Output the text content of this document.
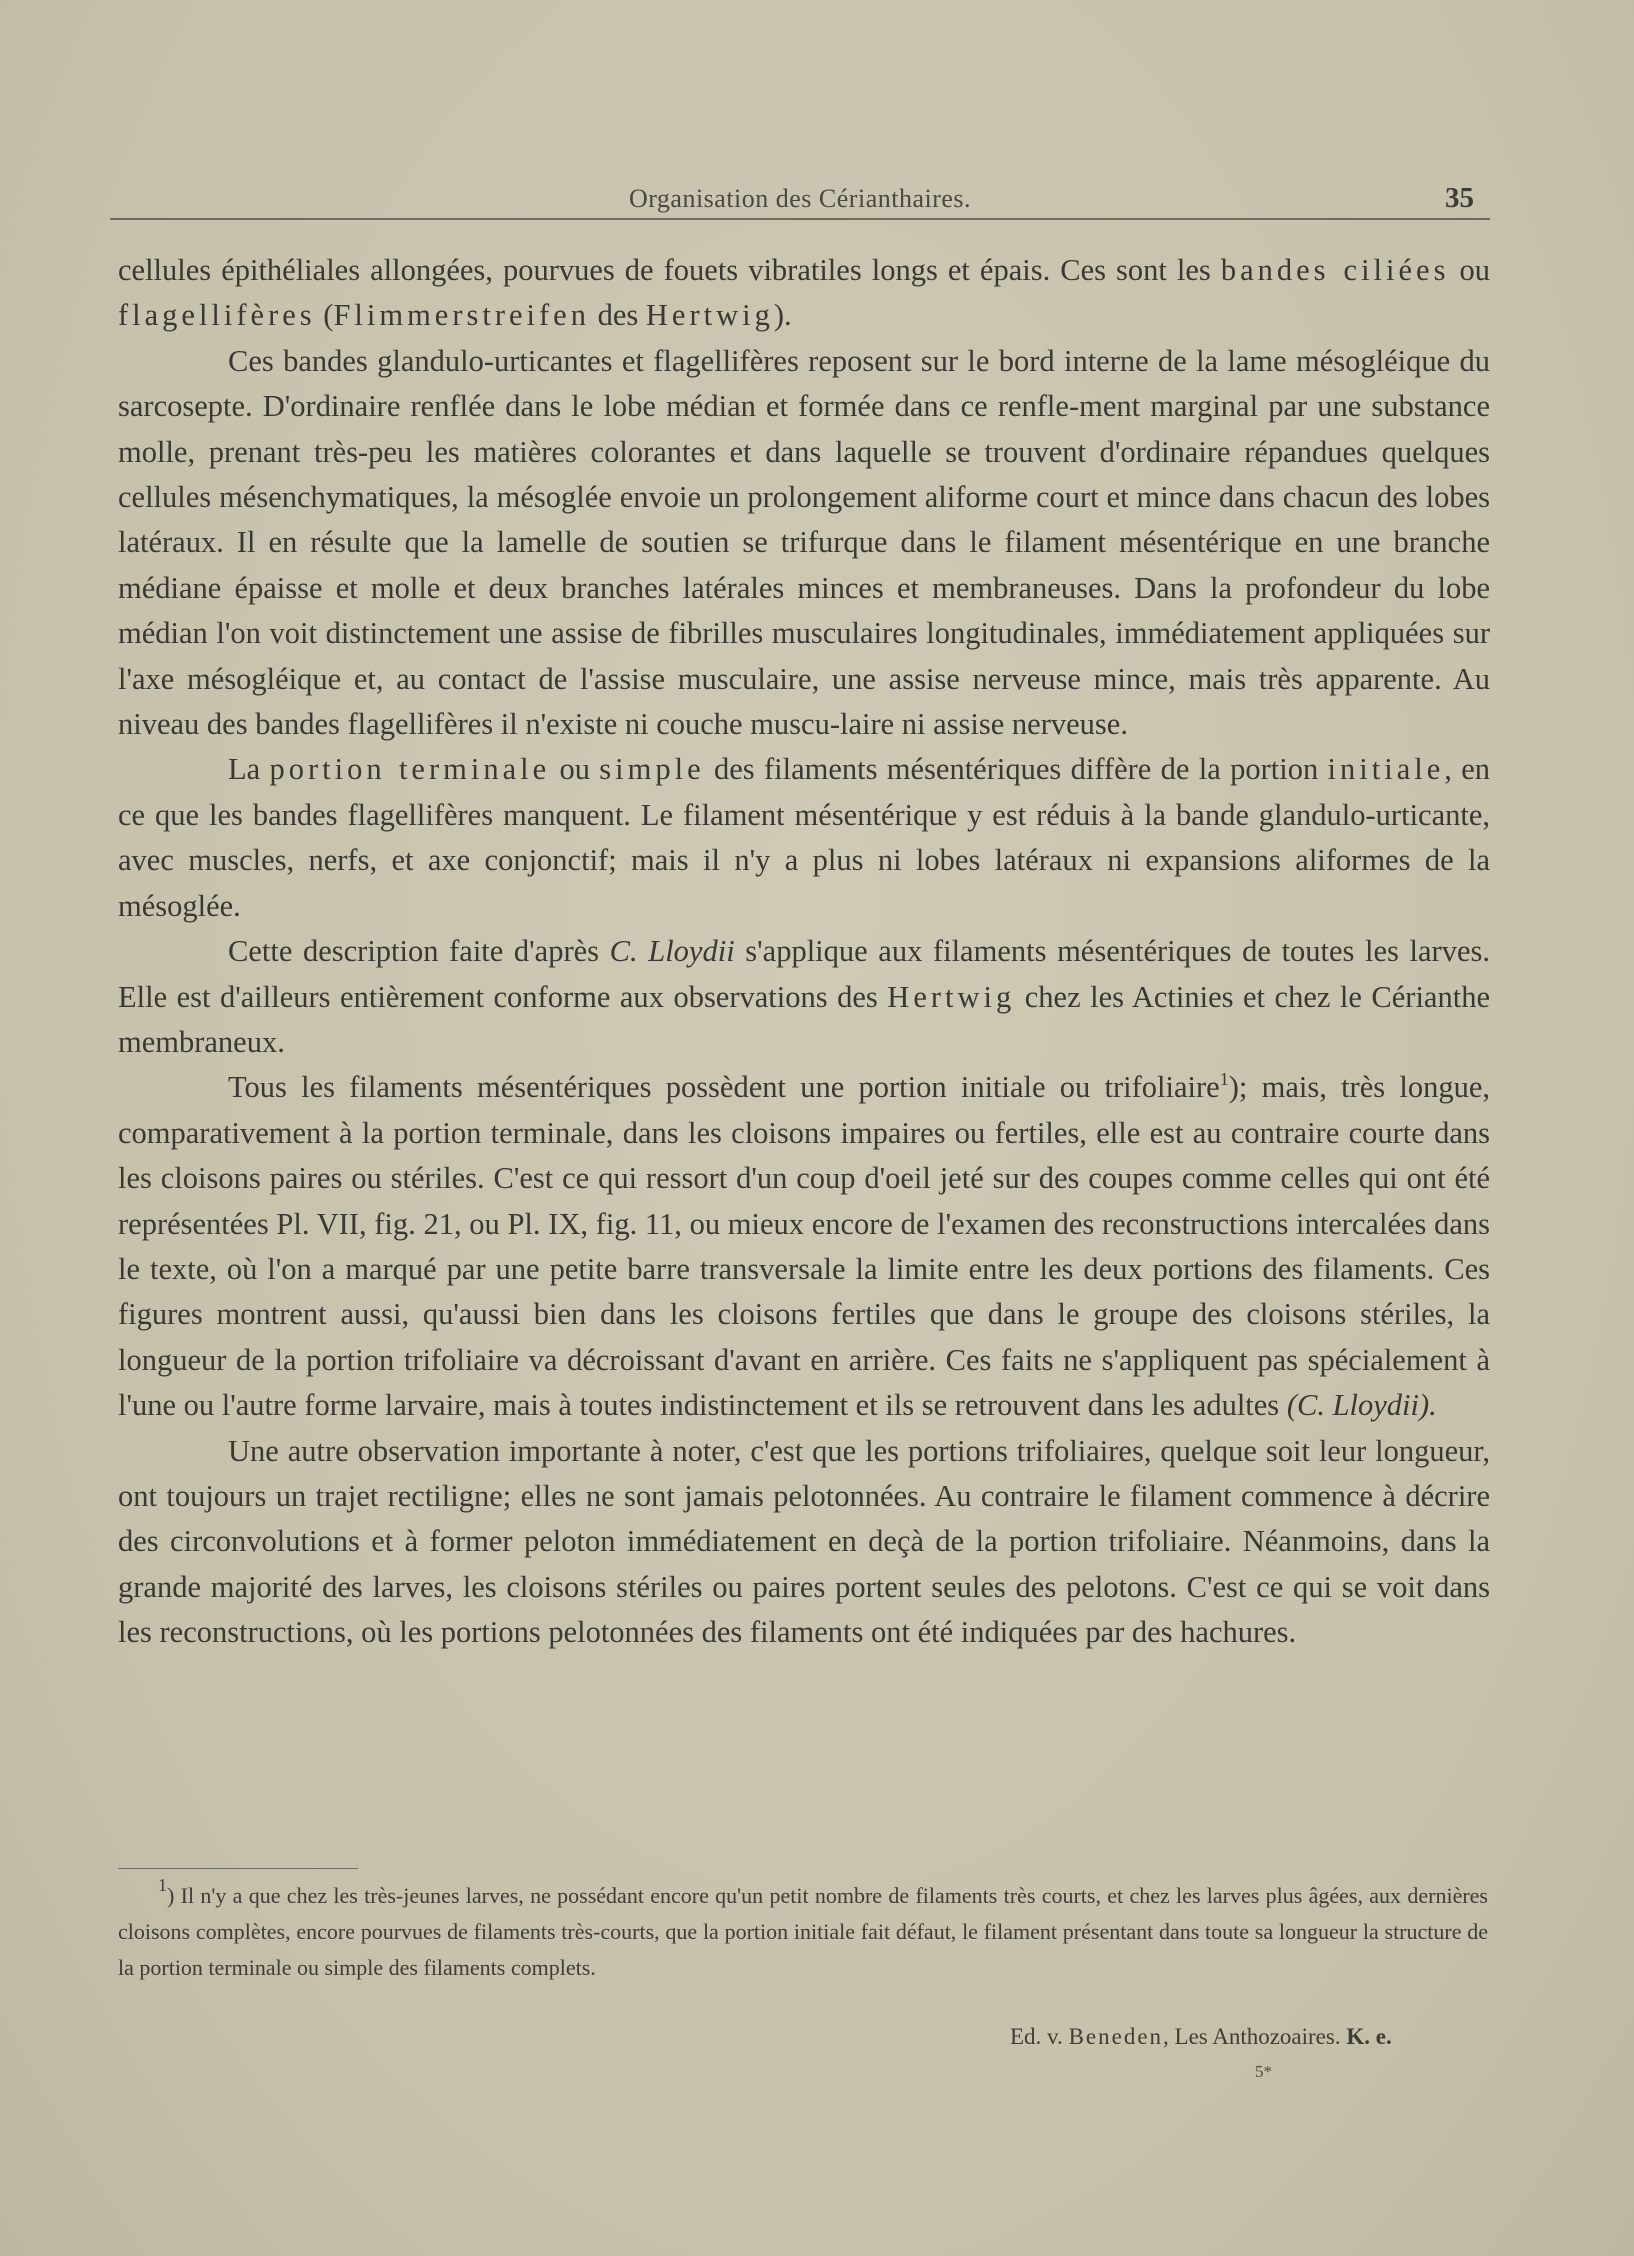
Organisation des Cérianthaires.	35

cellules épithéliales allongées, pourvues de fouets vibratiles longs et épais. Ces sont les bandes ciliées ou flagellifères (Flimmerstreifen des Hertwig).

Ces bandes glandulo-urticantes et flagellifères reposent sur le bord interne de la lame mésogléique du sarcosepte. D'ordinaire renflée dans le lobe médian et formée dans ce renfle-ment marginal par une substance molle, prenant très-peu les matières colorantes et dans laquelle se trouvent d'ordinaire répandues quelques cellules mésenchymatiques, la mésoglée envoie un prolongement aliforme court et mince dans chacun des lobes latéraux. Il en résulte que la lamelle de soutien se trifurque dans le filament mésentérique en une branche médiane épaisse et molle et deux branches latérales minces et membraneuses. Dans la profondeur du lobe médian l'on voit distinctement une assise de fibrilles musculaires longitudinales, immédiatement appliquées sur l'axe mésogléique et, au contact de l'assise musculaire, une assise nerveuse mince, mais très apparente. Au niveau des bandes flagellifères il n'existe ni couche muscu-laire ni assise nerveuse.

La portion terminale ou simple des filaments mésentériques diffère de la portion initiale, en ce que les bandes flagellifères manquent. Le filament mésentérique y est réduis à la bande glandulo-urticante, avec muscles, nerfs, et axe conjonctif; mais il n'y a plus ni lobes latéraux ni expansions aliformes de la mésoglée.

Cette description faite d'après C. Lloydii s'applique aux filaments mésentériques de toutes les larves. Elle est d'ailleurs entièrement conforme aux observations des Hertwig chez les Actinies et chez le Cérianthe membraneux.

Tous les filaments mésentériques possèdent une portion initiale ou trifoliaire$^1$); mais, très longue, comparativement à la portion terminale, dans les cloisons impaires ou fertiles, elle est au contraire courte dans les cloisons paires ou stériles. C'est ce qui ressort d'un coup d'oeil jeté sur des coupes comme celles qui ont été représentées Pl. VII, fig. 21, ou Pl. IX, fig. 11, ou mieux encore de l'examen des reconstructions intercalées dans le texte, où l'on a marqué par une petite barre transversale la limite entre les deux portions des filaments. Ces figures montrent aussi, qu'aussi bien dans les cloisons fertiles que dans le groupe des cloisons stériles, la longueur de la portion trifoliaire va décroissant d'avant en arrière. Ces faits ne s'appliquent pas spécialement à l'une ou l'autre forme larvaire, mais à toutes indistinctement et ils se retrouvent dans les adultes (C. Lloydii).

Une autre observation importante à noter, c'est que les portions trifoliaires, quelque soit leur longueur, ont toujours un trajet rectiligne; elles ne sont jamais pelotonnées. Au contraire le filament commence à décrire des circonvolutions et à former peloton immédiatement en deçà de la portion trifoliaire. Néanmoins, dans la grande majorité des larves, les cloisons stériles ou paires portent seules des pelotons. C'est ce qui se voit dans les reconstructions, où les portions pelotonnées des filaments ont été indiquées par des hachures.

$^1$) Il n'y a que chez les très-jeunes larves, ne possédant encore qu'un petit nombre de filaments très courts, et chez les larves plus âgées, aux dernières cloisons complètes, encore pourvues de filaments très-courts, que la portion initiale fait défaut, le filament présentant dans toute sa longueur la structure de la portion terminale ou simple des filaments complets.

Ed. v. Beneden, Les Anthozoaires. K. e.
5*
